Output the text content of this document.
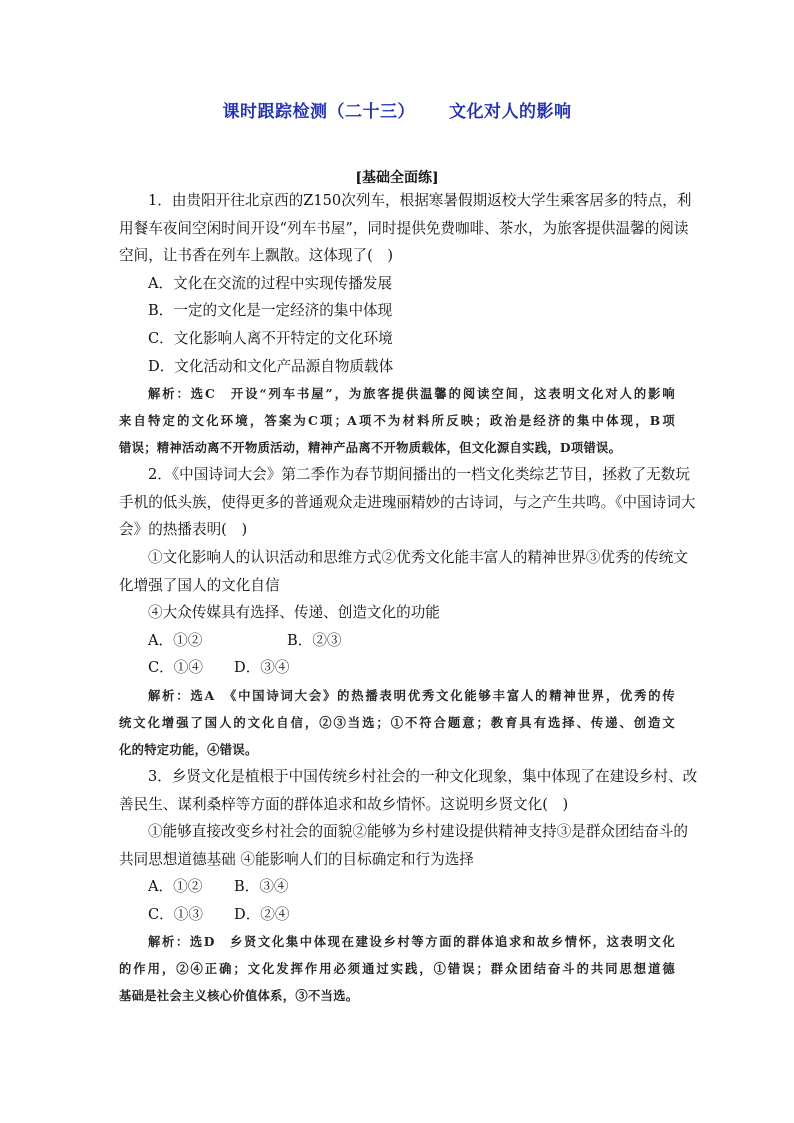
课时跟踪检测（二十三） 文化对人的影响
[基础全面练]
1．由贵阳开往北京西的Z150次列车，根据寒暑假期返校大学生乘客居多的特点，利
用餐车夜间空闲时间开设“列车书屋”，同时提供免费咖啡、茶水，为旅客提供温馨的阅读
空间，让书香在列车上飘散。这体现了(　)
A．文化在交流的过程中实现传播发展
B．一定的文化是一定经济的集中体现
C．文化影响人离不开特定的文化环境
D．文化活动和文化产品源自物质载体
解析：选C　开设“列车书屋”，为旅客提供温馨的阅读空间，这表明文化对人的影响
来自特定的文化环境，答案为C项；A项不为材料所反映；政治是经济的集中体现，B项
错误；精神活动离不开物质活动，精神产品离不开物质载体，但文化源自实践，D项错误。
2．《中国诗词大会》第二季作为春节期间播出的一档文化类综艺节目，拯救了无数玩
手机的低头族，使得更多的普通观众走进瑰丽精妙的古诗词，与之产生共鸣。《中国诗词大
会》的热播表明(　)
①文化影响人的认识活动和思维方式②优秀文化能丰富人的精神世界③优秀的传统文
化增强了国人的文化自信
④大众传媒具有选择、传递、创造文化的功能
A．①②	B．②③
C．①④ D．③④
解析：选A　《中国诗词大会》的热播表明优秀文化能够丰富人的精神世界，优秀的传
统文化增强了国人的文化自信，②③当选；①不符合题意；教育具有选择、传递、创造文
化的特定功能，④错误。
3．乡贤文化是植根于中国传统乡村社会的一种文化现象，集中体现了在建设乡村、改
善民生、谋利桑梓等方面的群体追求和故乡情怀。这说明乡贤文化(　)
①能够直接改变乡村社会的面貌②能够为乡村建设提供精神支持③是群众团结奋斗的
共同思想道德基础 ④能影响人们的目标确定和行为选择
A．①② B．③④
C．①③ D．②④
解析：选D　乡贤文化集中体现在建设乡村等方面的群体追求和故乡情怀，这表明文化
的作用，②④正确；文化发挥作用必须通过实践，①错误；群众团结奋斗的共同思想道德
基础是社会主义核心价值体系，③不当选。
